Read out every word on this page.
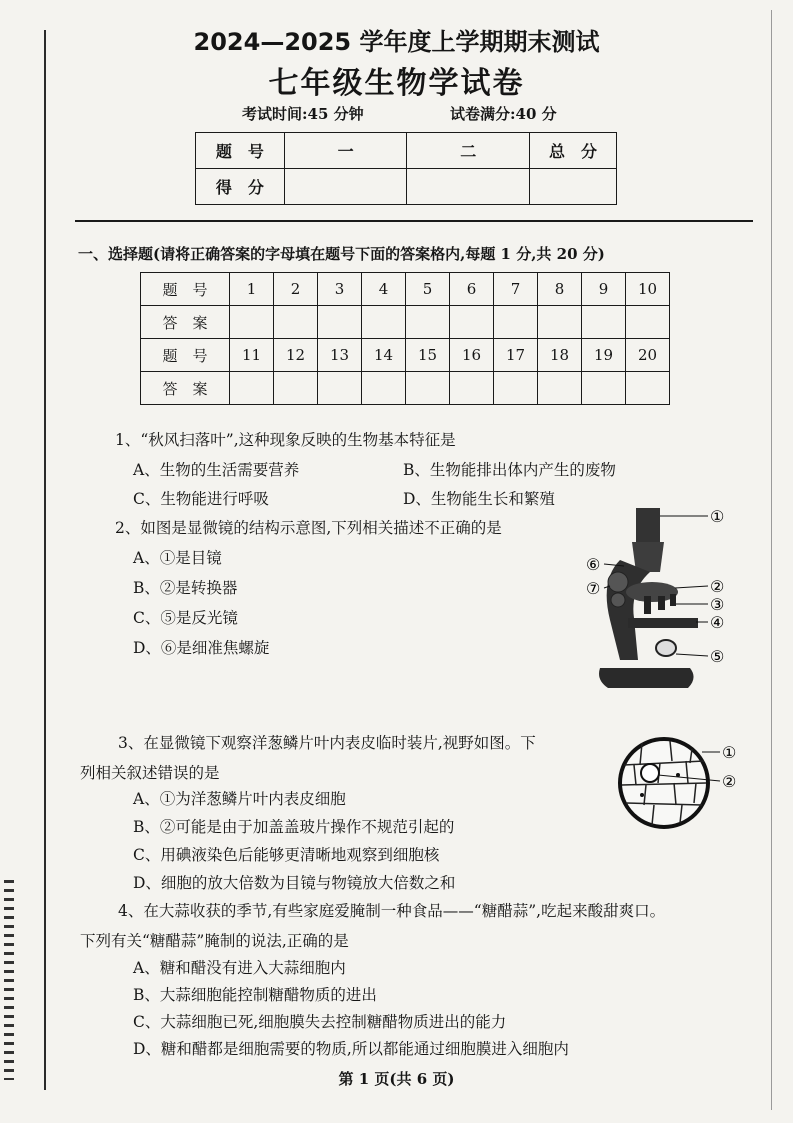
2024—2025 学年度上学期期末测试
七年级生物学试卷
考试时间:45 分钟	试卷满分:40 分
题　号	一	二	总　分
得　分			
一、选择题(请将正确答案的字母填在题号下面的答案格内,每题 1 分,共 20 分)
题　号	1	2	3	4	5	6	7	8	9	10
答　案										
题　号	11	12	13	14	15	16	17	18	19	20
答　案										
1、“秋风扫落叶”,这种现象反映的生物基本特征是
A、生物的生活需要营养	B、生物能排出体内产生的废物
C、生物能进行呼吸	D、生物能生长和繁殖
2、如图是显微镜的结构示意图,下列相关描述不正确的是
A、①是目镜
B、②是转换器
C、⑤是反光镜
D、⑥是细准焦螺旋
①
②
③
④
⑤
⑥
⑦
3、在显微镜下观察洋葱鳞片叶内表皮临时装片,视野如图。下
列相关叙述错误的是
A、①为洋葱鳞片叶内表皮细胞
B、②可能是由于加盖盖玻片操作不规范引起的
C、用碘液染色后能够更清晰地观察到细胞核
D、细胞的放大倍数为目镜与物镜放大倍数之和
①
②
4、在大蒜收获的季节,有些家庭爱腌制一种食品——“糖醋蒜”,吃起来酸甜爽口。
下列有关“糖醋蒜”腌制的说法,正确的是
A、糖和醋没有进入大蒜细胞内
B、大蒜细胞能控制糖醋物质的进出
C、大蒜细胞已死,细胞膜失去控制糖醋物质进出的能力
D、糖和醋都是细胞需要的物质,所以都能通过细胞膜进入细胞内
第 1 页(共 6 页)
